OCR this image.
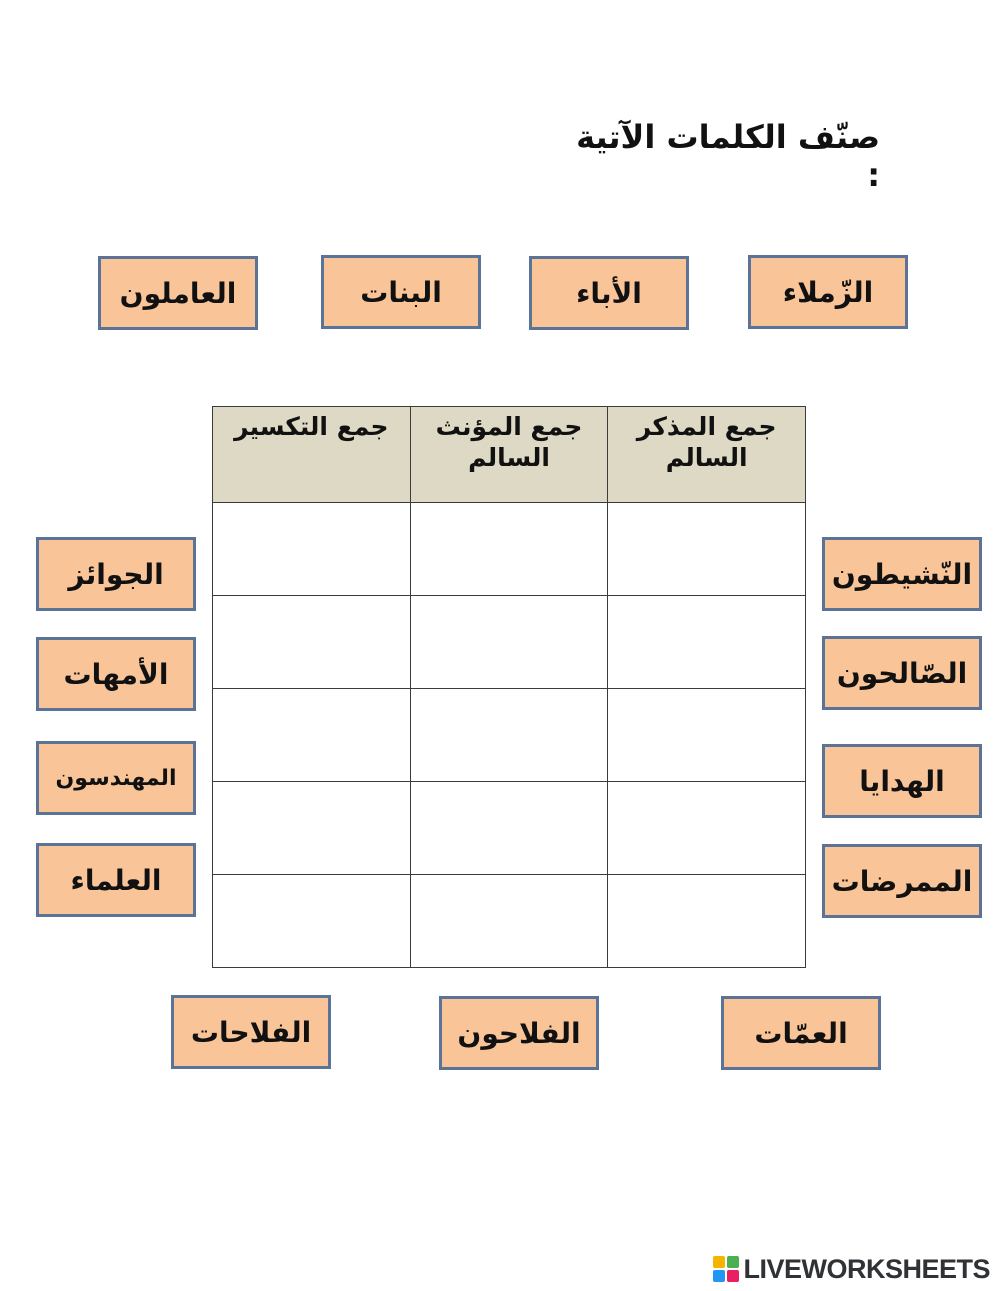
صنّف الكلمات الآتية :
الزّملاء
الأباء
البنات
العاملون
النّشيطون
الصّالحون
الهدايا
الممرضات
الجوائز
الأمهات
المهندسون
العلماء
العمّات
الفلاحون
الفلاحات
جمع المذكر السالم	جمع المؤنث السالم	جمع التكسير

LIVEWORKSHEETS
